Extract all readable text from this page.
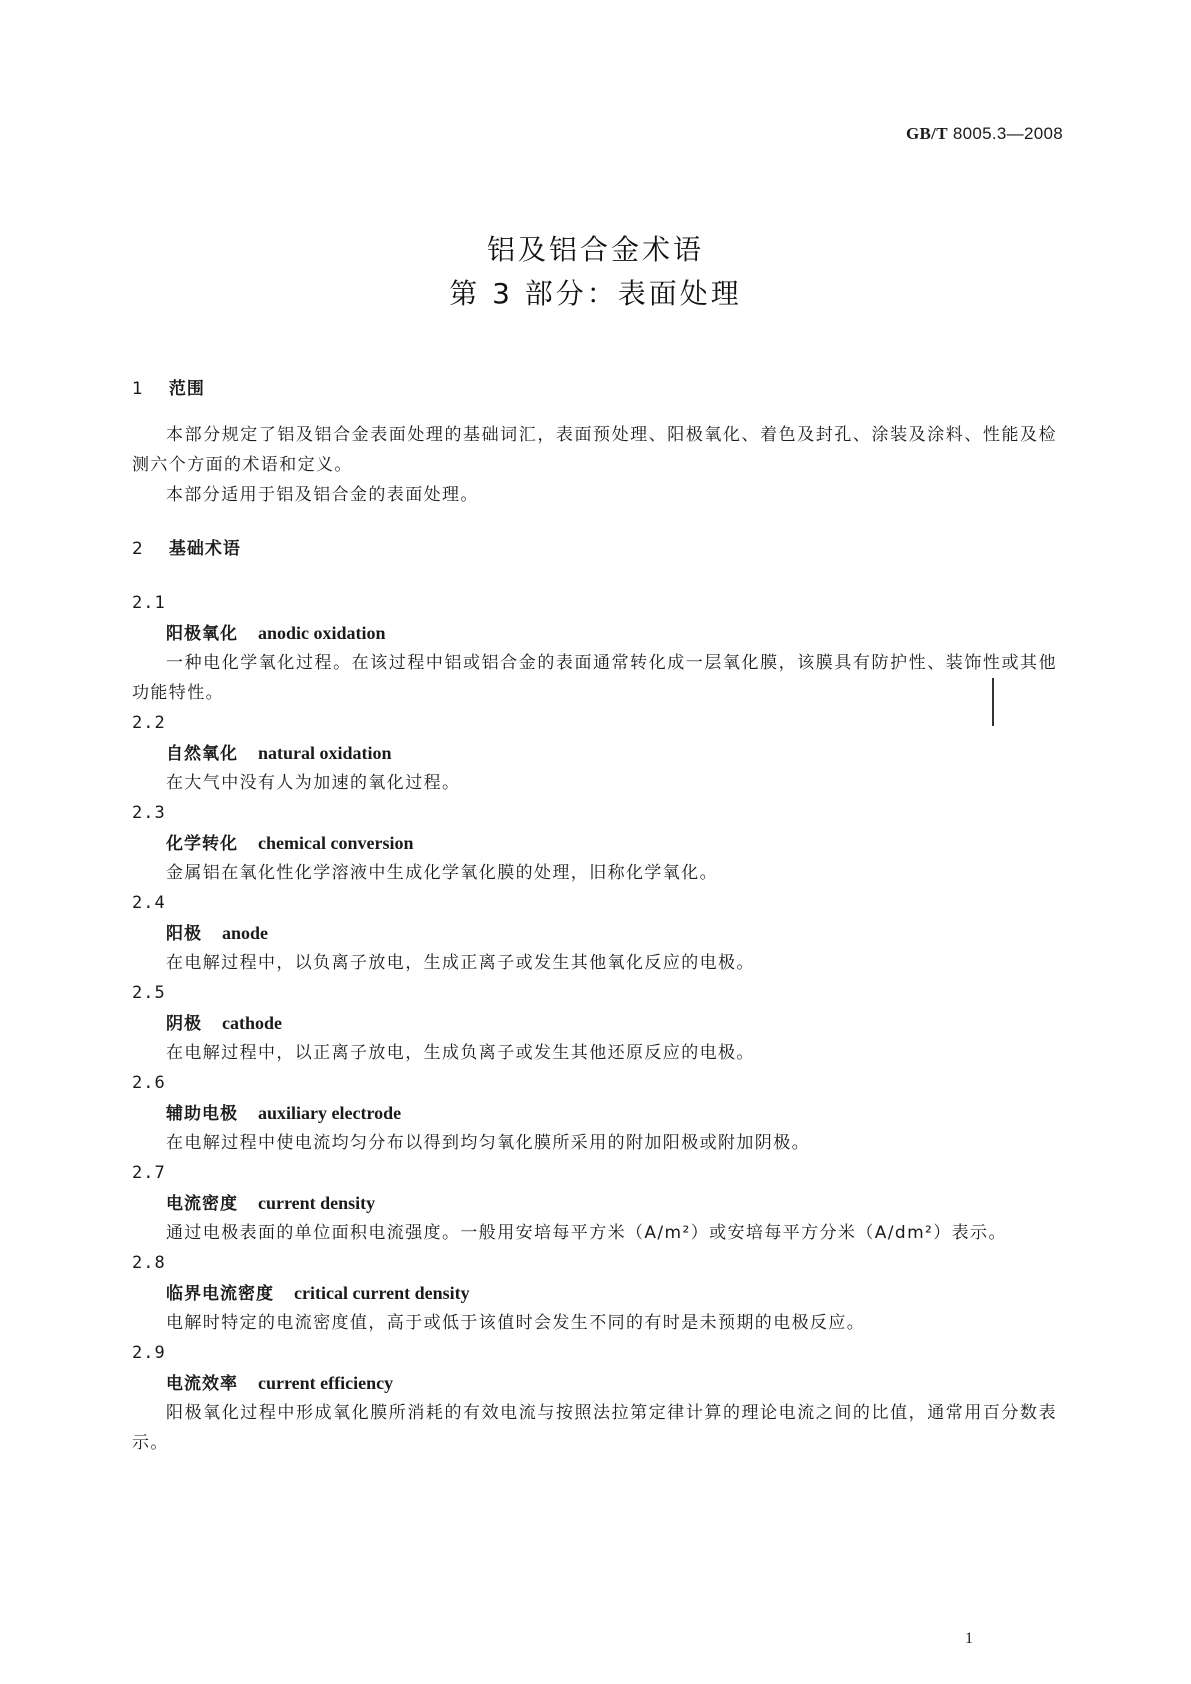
GB/T 8005.3—2008
铝及铝合金术语
第 3 部分：表面处理
1 范围
本部分规定了铝及铝合金表面处理的基础词汇，表面预处理、阳极氧化、着色及封孔、涂装及涂料、性能及检测六个方面的术语和定义。
本部分适用于铝及铝合金的表面处理。
2 基础术语
2.1
阳极氧化 anodic oxidation
一种电化学氧化过程。在该过程中铝或铝合金的表面通常转化成一层氧化膜，该膜具有防护性、装饰性或其他功能特性。
2.2
自然氧化 natural oxidation
在大气中没有人为加速的氧化过程。
2.3
化学转化 chemical conversion
金属铝在氧化性化学溶液中生成化学氧化膜的处理，旧称化学氧化。
2.4
阳极 anode
在电解过程中，以负离子放电，生成正离子或发生其他氧化反应的电极。
2.5
阴极 cathode
在电解过程中，以正离子放电，生成负离子或发生其他还原反应的电极。
2.6
辅助电极 auxiliary electrode
在电解过程中使电流均匀分布以得到均匀氧化膜所采用的附加阳极或附加阴极。
2.7
电流密度 current density
通过电极表面的单位面积电流强度。一般用安培每平方米（A/m²）或安培每平方分米（A/dm²）表示。
2.8
临界电流密度 critical current density
电解时特定的电流密度值，高于或低于该值时会发生不同的有时是未预期的电极反应。
2.9
电流效率 current efficiency
阳极氧化过程中形成氧化膜所消耗的有效电流与按照法拉第定律计算的理论电流之间的比值，通常用百分数表示。
1
